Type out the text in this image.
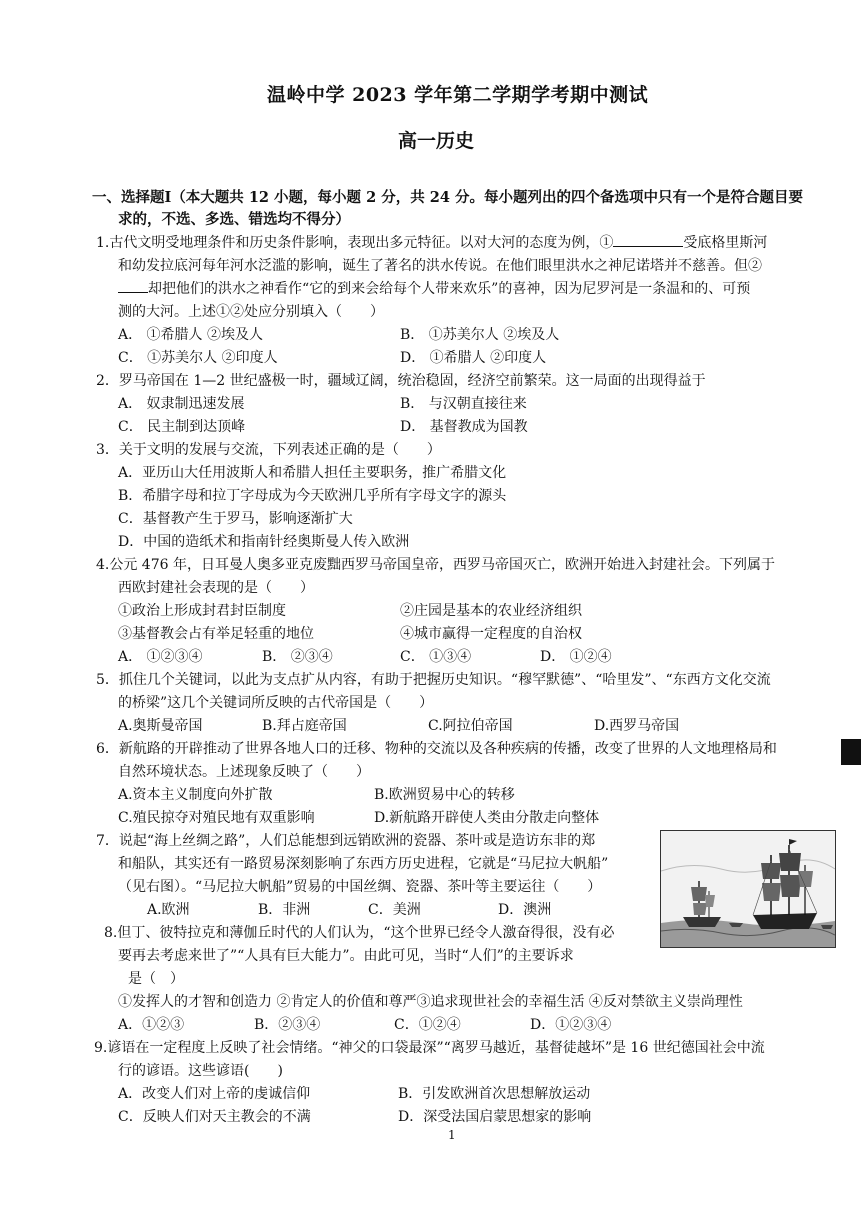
温岭中学 2023 学年第二学期学考期中测试
高一历史
一、选择题Ⅰ（本大题共 12 小题，每小题 2 分，共 24 分。每小题列出的四个备选项中只有一个是符合题目要
求的，不选、多选、错选均不得分）
1.古代文明受地理条件和历史条件影响，表现出多元特征。以对大河的态度为例，①	受底格里斯河
和幼发拉底河每年河水泛滥的影响，诞生了著名的洪水传说。在他们眼里洪水之神尼诺塔并不慈善。但②
却把他们的洪水之神看作“它的到来会给每个人带来欢乐”的喜神，因为尼罗河是一条温和的、可预
测的大河。上述①②处应分别填入（　　）
A． ①希腊人 ②埃及人	B． ①苏美尔人 ②埃及人
C． ①苏美尔人 ②印度人	D． ①希腊人 ②印度人
2．罗马帝国在 1—2 世纪盛极一时，疆域辽阔，统治稳固，经济空前繁荣。这一局面的出现得益于
A． 奴隶制迅速发展	B． 与汉朝直接往来
C． 民主制到达顶峰	D． 基督教成为国教
3．关于文明的发展与交流，下列表述正确的是（　　）
A．亚历山大任用波斯人和希腊人担任主要职务，推广希腊文化
B．希腊字母和拉丁字母成为今天欧洲几乎所有字母文字的源头
C．基督教产生于罗马，影响逐渐扩大
D．中国的造纸术和指南针经奥斯曼人传入欧洲
4.公元 476 年，日耳曼人奥多亚克废黜西罗马帝国皇帝，西罗马帝国灭亡，欧洲开始进入封建社会。下列属于
西欧封建社会表现的是（　　）
①政治上形成封君封臣制度	②庄园是基本的农业经济组织
③基督教会占有举足轻重的地位	④城市赢得一定程度的自治权
A． ①②③④	B． ②③④	C． ①③④	D． ①②④
5．抓住几个关键词，以此为支点扩从内容，有助于把握历史知识。“穆罕默德”、“哈里发”、“东西方文化交流
的桥梁”这几个关键词所反映的古代帝国是（　　）
A.奥斯曼帝国	B.拜占庭帝国	C.阿拉伯帝国	D.西罗马帝国
6．新航路的开辟推动了世界各地人口的迁移、物种的交流以及各种疾病的传播，改变了世界的人文地理格局和
自然环境状态。上述现象反映了（　　）
A.资本主义制度向外扩散	B.欧洲贸易中心的转移
C.殖民掠夺对殖民地有双重影响	D.新航路开辟使人类由分散走向整体
7．说起“海上丝绸之路”，人们总能想到远销欧洲的瓷器、茶叶或是造访东非的郑
和船队，其实还有一路贸易深刻影响了东西方历史进程，它就是“马尼拉大帆船”
（见右图）。“马尼拉大帆船”贸易的中国丝绸、瓷器、茶叶等主要运往（　　）
A.欧洲	B．非洲	C．美洲	D．澳洲
8.但丁、彼特拉克和薄伽丘时代的人们认为，“这个世界已经令人激奋得很，没有必
要再去考虑来世了”“人具有巨大能力”。由此可见，当时“人们”的主要诉求
是（　）
①发挥人的才智和创造力 ②肯定人的价值和尊严③追求现世社会的幸福生活 ④反对禁欲主义崇尚理性
A．①②③	B．②③④	C．①②④	D．①②③④
9.谚语在一定程度上反映了社会情绪。“神父的口袋最深”“离罗马越近，基督徒越坏”是 16 世纪德国社会中流
行的谚语。这些谚语(　　)
A．改变人们对上帝的虔诚信仰	B．引发欧洲首次思想解放运动
C．反映人们对天主教会的不满	D．深受法国启蒙思想家的影响
1
